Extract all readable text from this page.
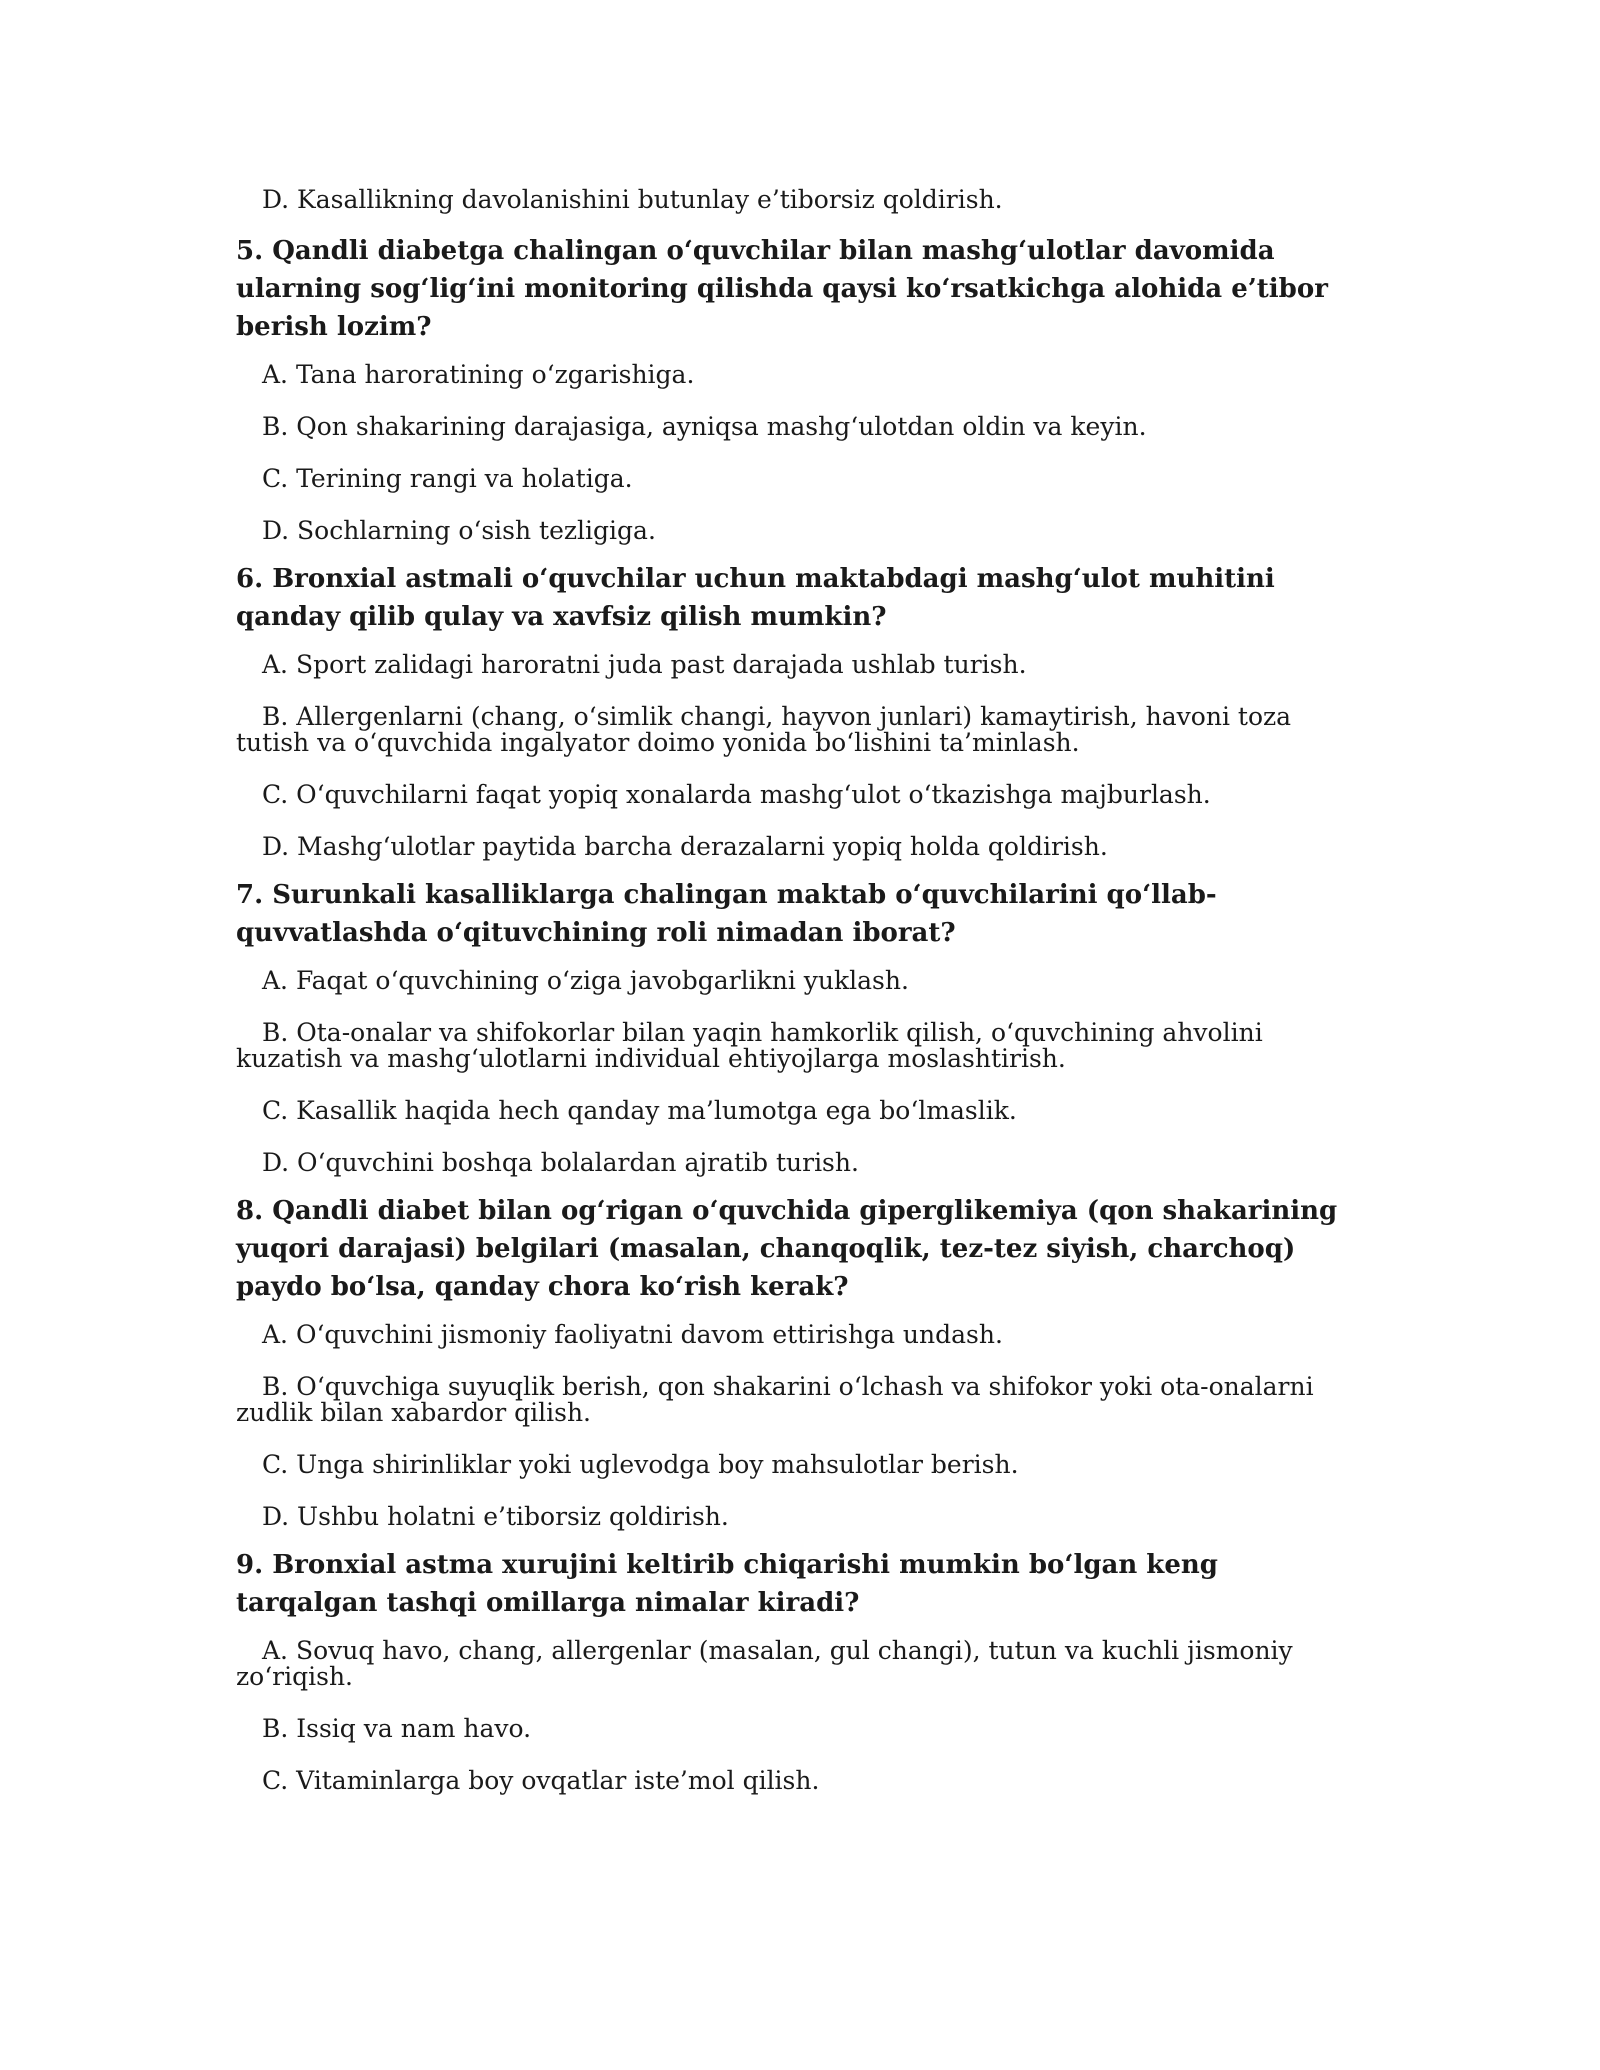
D. Kasallikning davolanishini butunlay e’tiborsiz qoldirish.

5. Qandli diabetga chalingan o‘quvchilar bilan mashg‘ulotlar davomida ularning sog‘lig‘ini monitoring qilishda qaysi ko‘rsatkichga alohida e’tibor berish lozim?

A. Tana haroratining o‘zgarishiga.

B. Qon shakarining darajasiga, ayniqsa mashg‘ulotdan oldin va keyin.

C. Terining rangi va holatiga.

D. Sochlarning o‘sish tezligiga.

6. Bronxial astmali o‘quvchilar uchun maktabdagi mashg‘ulot muhitini qanday qilib qulay va xavfsiz qilish mumkin?

A. Sport zalidagi haroratni juda past darajada ushlab turish.

B. Allergenlarni (chang, o‘simlik changi, hayvon junlari) kamaytirish, havoni toza tutish va o‘quvchida ingalyator doimo yonida bo‘lishini ta’minlash.

C. O‘quvchilarni faqat yopiq xonalarda mashg‘ulot o‘tkazishga majburlash.

D. Mashg‘ulotlar paytida barcha derazalarni yopiq holda qoldirish.

7. Surunkali kasalliklarga chalingan maktab o‘quvchilarini qo‘llab-quvvatlashda o‘qituvchining roli nimadan iborat?

A. Faqat o‘quvchining o‘ziga javobgarlikni yuklash.

B. Ota-onalar va shifokorlar bilan yaqin hamkorlik qilish, o‘quvchining ahvolini kuzatish va mashg‘ulotlarni individual ehtiyojlarga moslashtirish.

C. Kasallik haqida hech qanday ma’lumotga ega bo‘lmaslik.

D. O‘quvchini boshqa bolalardan ajratib turish.

8. Qandli diabet bilan og‘rigan o‘quvchida giperglikemiya (qon shakarining yuqori darajasi) belgilari (masalan, chanqoqlik, tez-tez siyish, charchoq) paydo bo‘lsa, qanday chora ko‘rish kerak?

A. O‘quvchini jismoniy faoliyatni davom ettirishga undash.

B. O‘quvchiga suyuqlik berish, qon shakarini o‘lchash va shifokor yoki ota-onalarni zudlik bilan xabardor qilish.

C. Unga shirinliklar yoki uglevodga boy mahsulotlar berish.

D. Ushbu holatni e’tiborsiz qoldirish.

9. Bronxial astma xurujini keltirib chiqarishi mumkin bo‘lgan keng tarqalgan tashqi omillarga nimalar kiradi?

A. Sovuq havo, chang, allergenlar (masalan, gul changi), tutun va kuchli jismoniy zo‘riqish.

B. Issiq va nam havo.

C. Vitaminlarga boy ovqatlar iste’mol qilish.
